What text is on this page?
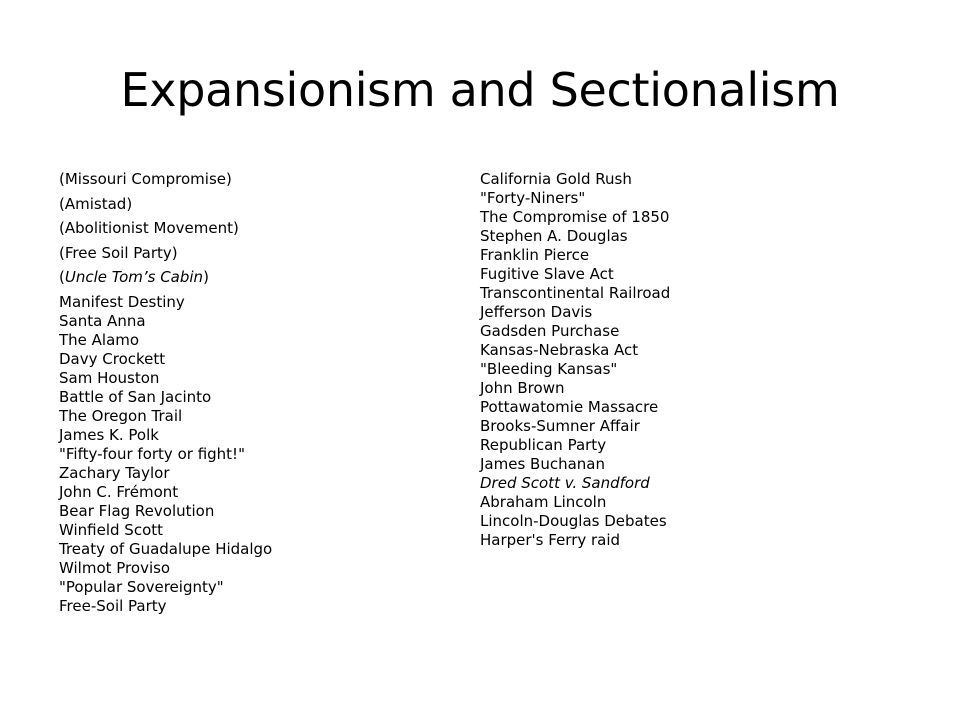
Expansionism and Sectionalism
(Missouri Compromise)
(Amistad)
(Abolitionist Movement)
(Free Soil Party)
(Uncle Tom’s Cabin)
Manifest Destiny
Santa Anna
The Alamo
Davy Crockett
Sam Houston
Battle of San Jacinto
The Oregon Trail
James K. Polk
"Fifty-four forty or fight!"
Zachary Taylor
John C. Frémont
Bear Flag Revolution
Winfield Scott
Treaty of Guadalupe Hidalgo
Wilmot Proviso
"Popular Sovereignty"
Free-Soil Party
California Gold Rush
"Forty-Niners"
The Compromise of 1850
Stephen A. Douglas
Franklin Pierce
Fugitive Slave Act
Transcontinental Railroad
Jefferson Davis
Gadsden Purchase
Kansas-Nebraska Act
"Bleeding Kansas"
John Brown
Pottawatomie Massacre
Brooks-Sumner Affair
Republican Party
James Buchanan
Dred Scott v. Sandford
Abraham Lincoln
Lincoln-Douglas Debates
Harper's Ferry raid
